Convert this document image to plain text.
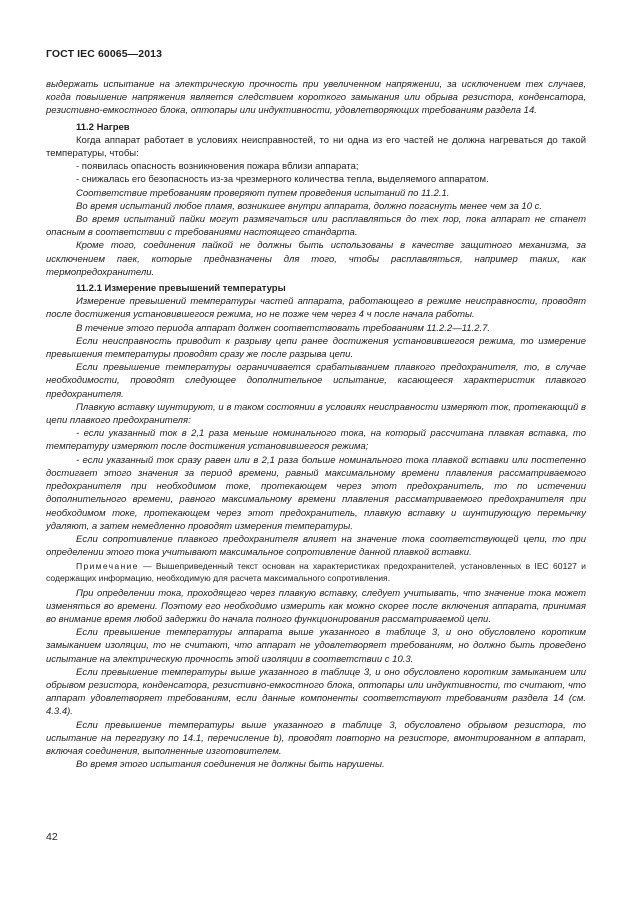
ГОСТ IEC 60065—2013

выдержать испытание на электрическую прочность при увеличенном напряжении, за исключением тех случаев, когда повышение напряжения является следствием короткого замыкания или обрыва резистора, конденсатора, резистивно-емкостного блока, оптопары или индуктивности, удовлетворяющих требованиям раздела 14.

11.2 Нагрев

Когда аппарат работает в условиях неисправностей, то ни одна из его частей не должна нагреваться до такой температуры, чтобы:

- появилась опасность возникновения пожара вблизи аппарата;

- снижалась его безопасность из-за чрезмерного количества тепла, выделяемого аппаратом.

Соответствие требованиям проверяют путем проведения испытаний по 11.2.1.

Во время испытаний любое пламя, возникшее внутри аппарата, должно погаснуть менее чем за 10 с.

Во время испытаний пайки могут размягчаться или расплавляться до тех пор, пока аппарат не станет опасным в соответствии с требованиями настоящего стандарта.

Кроме того, соединения пайкой не должны быть использованы в качестве защитного механизма, за исключением паек, которые предназначены для того, чтобы расплавляться, например таких, как термопредохранители.

11.2.1 Измерение превышений температуры

Измерение превышений температуры частей аппарата, работающего в режиме неисправности, проводят после достижения установившегося режима, но не позже чем через 4 ч после начала работы.

В течение этого периода аппарат должен соответствовать требованиям 11.2.2—11.2.7.

Если неисправность приводит к разрыву цепи ранее достижения установившегося режима, то измерение превышения температуры проводят сразу же после разрыва цепи.

Если превышение температуры ограничивается срабатыванием плавкого предохранителя, то, в случае необходимости, проводят следующее дополнительное испытание, касающееся характеристик плавкого предохранителя.

Плавкую вставку шунтируют, и в таком состоянии в условиях неисправности измеряют ток, протекающий в цепи плавкого предохранителя:

- если указанный ток в 2,1 раза меньше номинального тока, на который рассчитана плавкая вставка, то температуру измеряют после достижения установившегося режима;

- если указанный ток сразу равен или в 2,1 раза больше номинального тока плавкой вставки или постепенно достигает этого значения за период времени, равный максимальному времени плавления рассматриваемого предохранителя при необходимом токе, протекающем через этот предохранитель, то по истечении дополнительного времени, равного максимальному времени плавления рассматриваемого предохранителя при необходимом токе, протекающем через этот предохранитель, плавкую вставку и шунтирующую перемычку удаляют, а затем немедленно проводят измерения температуры.

Если сопротивление плавкого предохранителя влияет на значение тока соответствующей цепи, то при определении этого тока учитывают максимальное сопротивление данной плавкой вставки.

Примечание — Вышеприведенный текст основан на характеристиках предохранителей, установленных в IEC 60127 и содержащих информацию, необходимую для расчета максимального сопротивления.

При определении тока, проходящего через плавкую вставку, следует учитывать, что значение тока может изменяться во времени. Поэтому его необходимо измерить как можно скорее после включения аппарата, принимая во внимание время любой задержки до начала полного функционирования рассматриваемой цепи.

Если превышение температуры аппарата выше указанного в таблице 3, и оно обусловлено коротким замыканием изоляции, то не считают, что аппарат не удовлетворяет требованиям, но должно быть проведено испытание на электрическую прочность этой изоляции в соответствии с 10.3.

Если превышение температуры выше указанного в таблице 3, и оно обусловлено коротким замыканием или обрывом резистора, конденсатора, резистивно-емкостного блока, оптопары или индуктивности, то считают, что аппарат удовлетворяет требованиям, если данные компоненты соответствуют требованиям раздела 14 (см. 4.3.4).

Если превышение температуры выше указанного в таблице 3, обусловлено обрывом резистора, то испытание на перегрузку по 14.1, перечисление b), проводят повторно на резисторе, вмонтированном в аппарат, включая соединения, выполненные изготовителем.

Во время этого испытания соединения не должны быть нарушены.

42
